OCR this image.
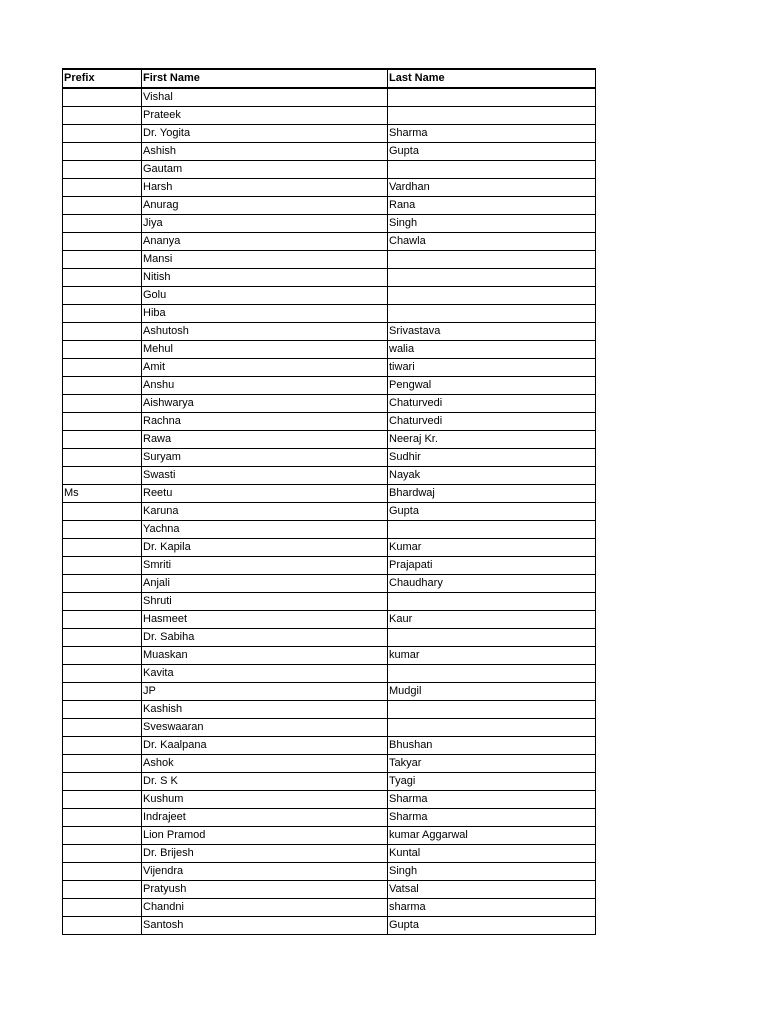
Prefix	First Name	Last Name
	Vishal	
	Prateek	
	Dr. Yogita	Sharma
	Ashish	Gupta
	Gautam	
	Harsh	Vardhan
	Anurag	Rana
	Jiya	Singh
	Ananya	Chawla
	Mansi	
	Nitish	
	Golu	
	Hiba	
	Ashutosh	Srivastava
	Mehul	walia
	Amit	tiwari
	Anshu	Pengwal
	Aishwarya	Chaturvedi
	Rachna	Chaturvedi
	Rawa	Neeraj Kr.
	Suryam	Sudhir
	Swasti	Nayak
Ms	Reetu	Bhardwaj
	Karuna	Gupta
	Yachna	
	Dr. Kapila	Kumar
	Smriti	Prajapati
	Anjali	Chaudhary
	Shruti	
	Hasmeet	Kaur
	Dr. Sabiha	
	Muaskan	kumar
	Kavita	
	JP	Mudgil
	Kashish	
	Sveswaaran	
	Dr. Kaalpana	Bhushan
	Ashok	Takyar
	Dr. S K	Tyagi
	Kushum	Sharma
	Indrajeet	Sharma
	Lion Pramod	kumar Aggarwal
	Dr. Brijesh	Kuntal
	Vijendra	Singh
	Pratyush	Vatsal
	Chandni	sharma
	Santosh	Gupta
